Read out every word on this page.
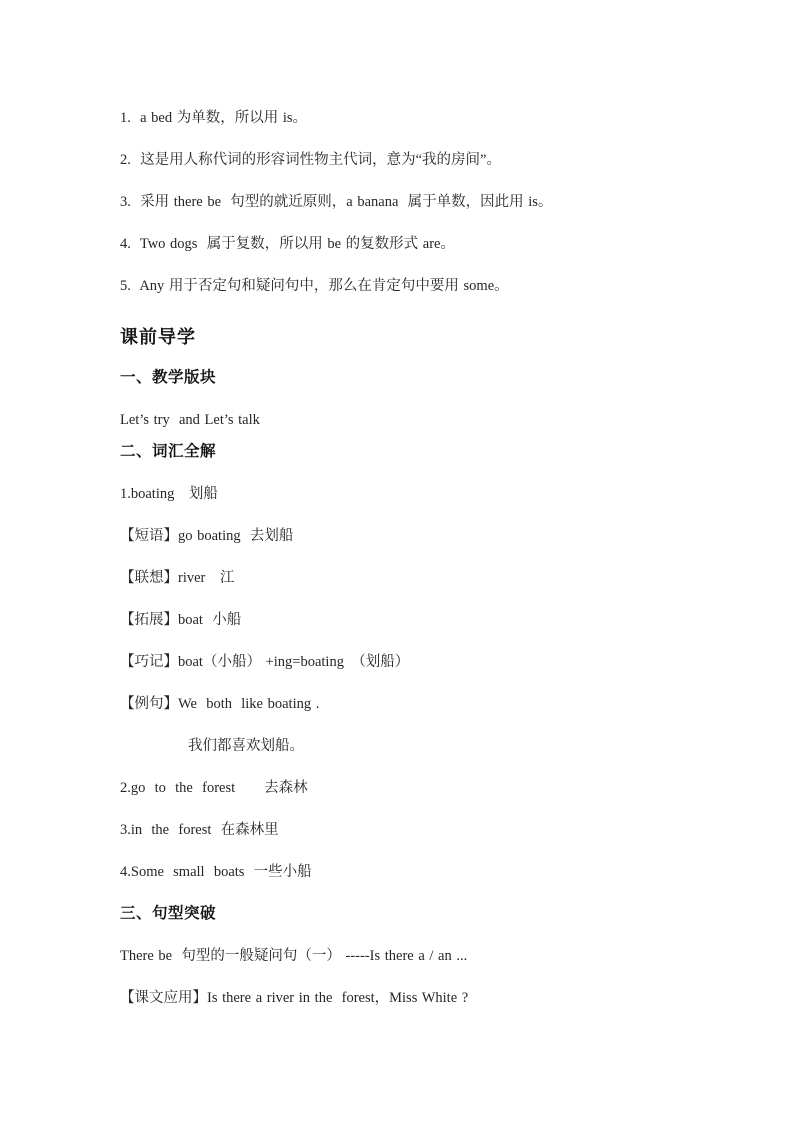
1.  a bed 为单数，所以用 is。

2.  这是用人称代词的形容词性物主代词，意为“我的房间”。

3.  采用 there be  句型的就近原则，a banana  属于单数，因此用 is。

4.  Two dogs  属于复数，所以用 be 的复数形式 are。

5.  Any 用于否定句和疑问句中，那么在肯定句中要用 some。

课前导学
一、教学版块

Let’s try  and Let’s talk

二、词汇全解

1.boating　划船

【短语】go boating  去划船

【联想】river　江

【拓展】boat  小船

【巧记】boat（小船） +ing=boating　（划船）

【例句】We  both  like boating .

我们都喜欢划船。

2.go  to  the  forest　　去森林

3.in  the  forest  在森林里

4.Some  small  boats  一些小船

三、句型突破

There be  句型的一般疑问句（一） -----Is there a / an ...

【课文应用】Is there a river in the  forest，Miss White ?
